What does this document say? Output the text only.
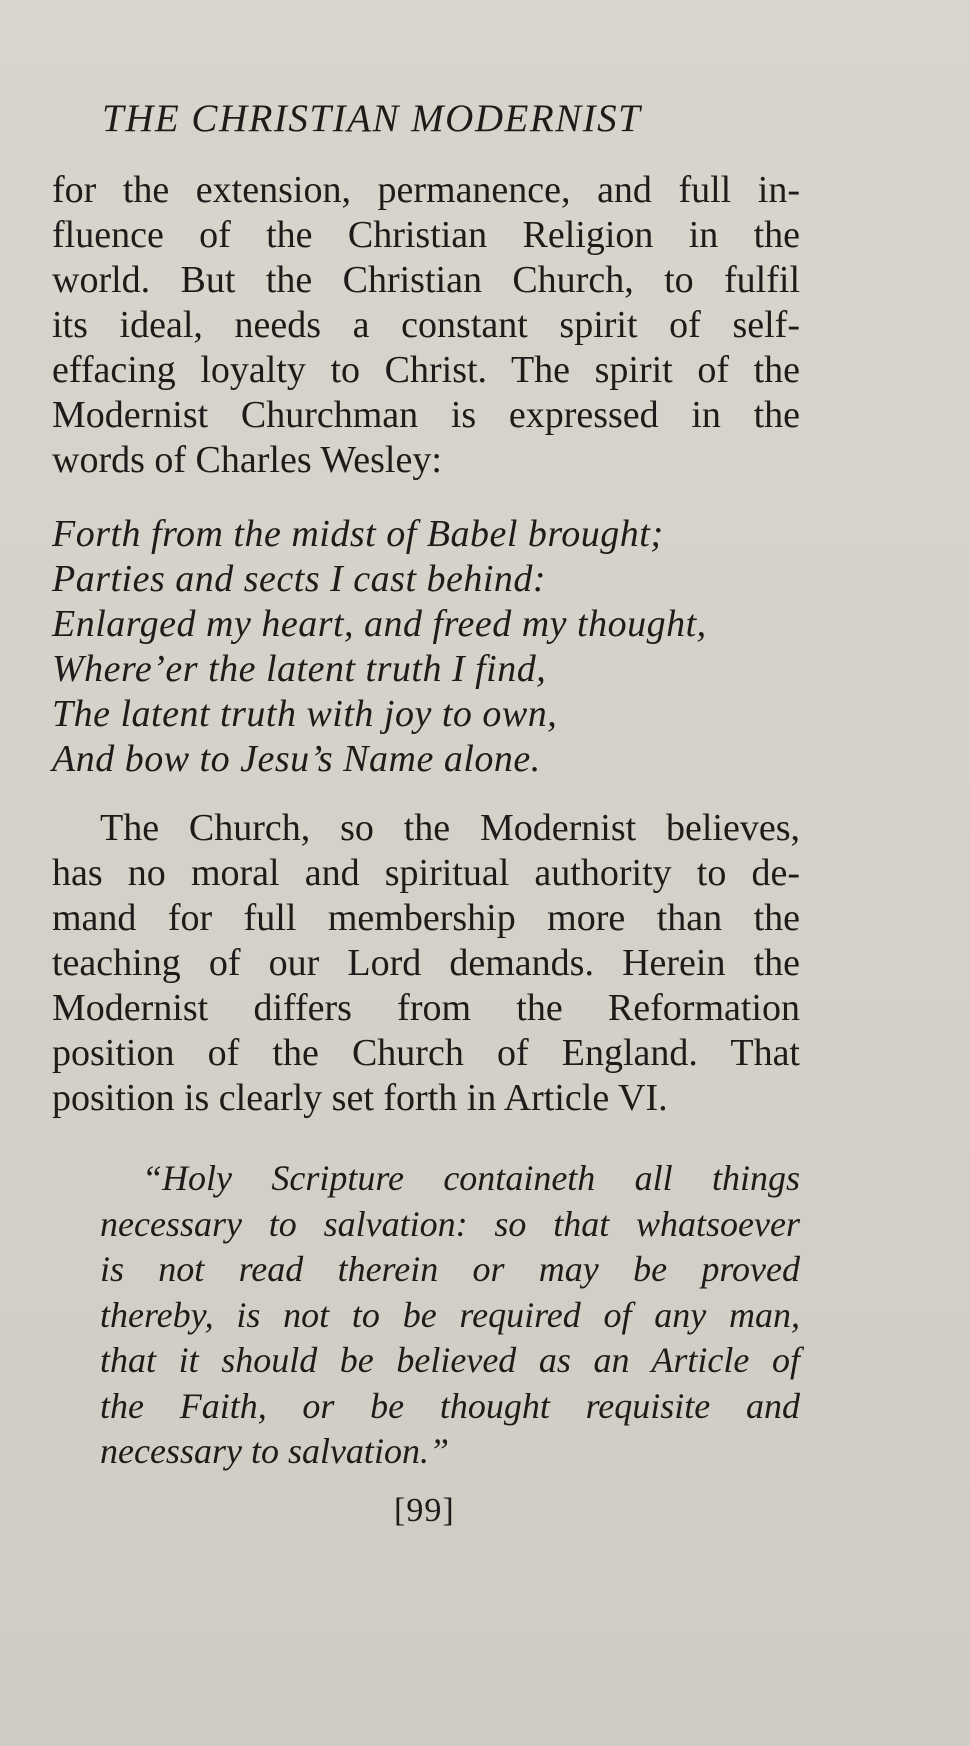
THE CHRISTIAN MODERNIST
for the extension, permanence, and full in-
fluence of the Christian Religion in the
world. But the Christian Church, to fulfil
its ideal, needs a constant spirit of self-
effacing loyalty to Christ. The spirit of the
Modernist Churchman is expressed in the
words of Charles Wesley:
Forth from the midst of Babel brought;
Parties and sects I cast behind:
Enlarged my heart, and freed my thought,
Where’er the latent truth I find,
The latent truth with joy to own,
And bow to Jesu’s Name alone.
The Church, so the Modernist believes,
has no moral and spiritual authority to de-
mand for full membership more than the
teaching of our Lord demands. Herein the
Modernist differs from the Reformation
position of the Church of England. That
position is clearly set forth in Article VI.
“Holy Scripture containeth all things
necessary to salvation: so that whatsoever
is not read therein or may be proved
thereby, is not to be required of any man,
that it should be believed as an Article of
the Faith, or be thought requisite and
necessary to salvation.”
[99]
